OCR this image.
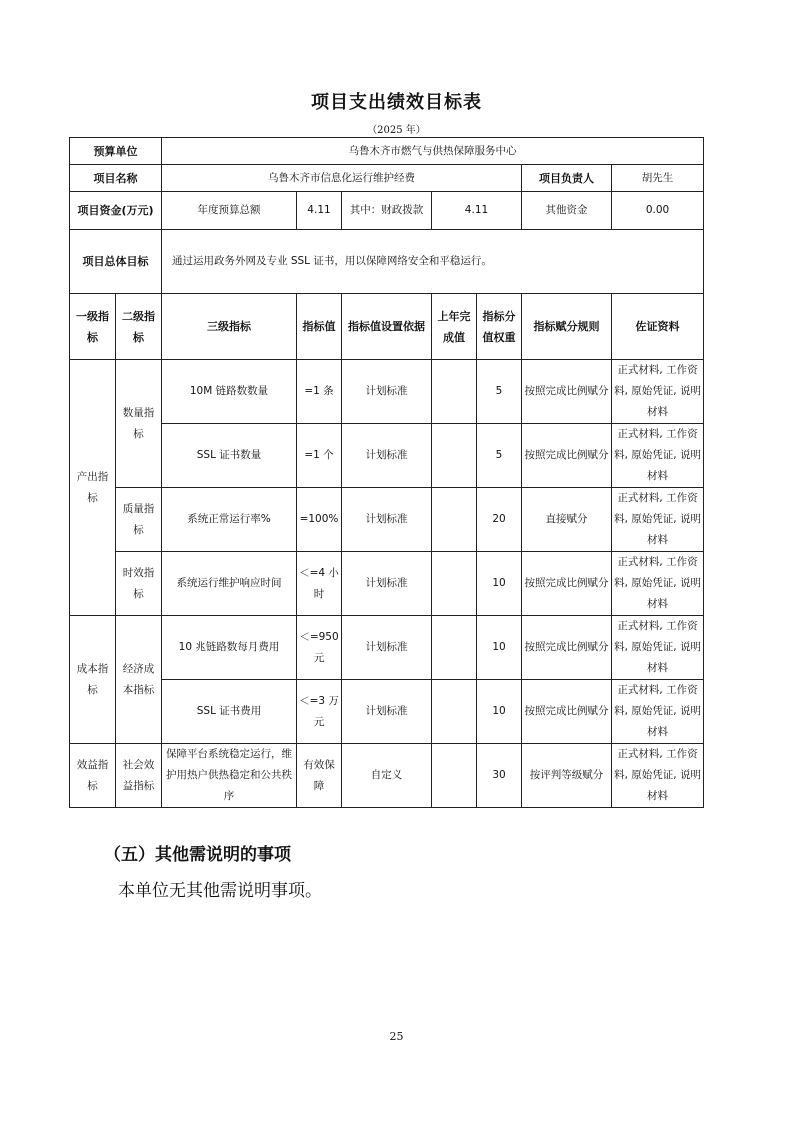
项目支出绩效目标表
（2025 年）
预算单位		乌鲁木齐市燃气与供热保障服务中心						
项目名称		乌鲁木齐市信息化运行维护经费					项目负责人	胡先生
项目资金(万元)		年度预算总额	4.11	其中：财政拨款	4.11		其他资金	0.00
项目总体目标		通过运用政务外网及专业 SSL 证书，用以保障网络安全和平稳运行。						
一级指标	二级指标	三级指标	指标值	指标值设置依据	上年完成值	指标分值权重	指标赋分规则	佐证资料
产出指标	数量指标	10M 链路数数量	=1 条	计划标准		5	按照完成比例赋分	正式材料, 工作资料, 原始凭证, 说明材料
		SSL 证书数量	=1 个	计划标准		5	按照完成比例赋分	正式材料, 工作资料, 原始凭证, 说明材料
	质量指标	系统正常运行率%	=100%	计划标准		20	直接赋分	正式材料, 工作资料, 原始凭证, 说明材料
	时效指标	系统运行维护响应时间	＜=4 小时	计划标准		10	按照完成比例赋分	正式材料, 工作资料, 原始凭证, 说明材料
成本指标	经济成本指标	10 兆链路数每月费用	＜=950 元	计划标准		10	按照完成比例赋分	正式材料, 工作资料, 原始凭证, 说明材料
		SSL 证书费用	＜=3 万元	计划标准		10	按照完成比例赋分	正式材料, 工作资料, 原始凭证, 说明材料
效益指标	社会效益指标	保障平台系统稳定运行，维护用热户供热稳定和公共秩序	有效保障	自定义		30	按评判等级赋分	正式材料, 工作资料, 原始凭证, 说明材料
（五）其他需说明的事项
本单位无其他需说明事项。
25
